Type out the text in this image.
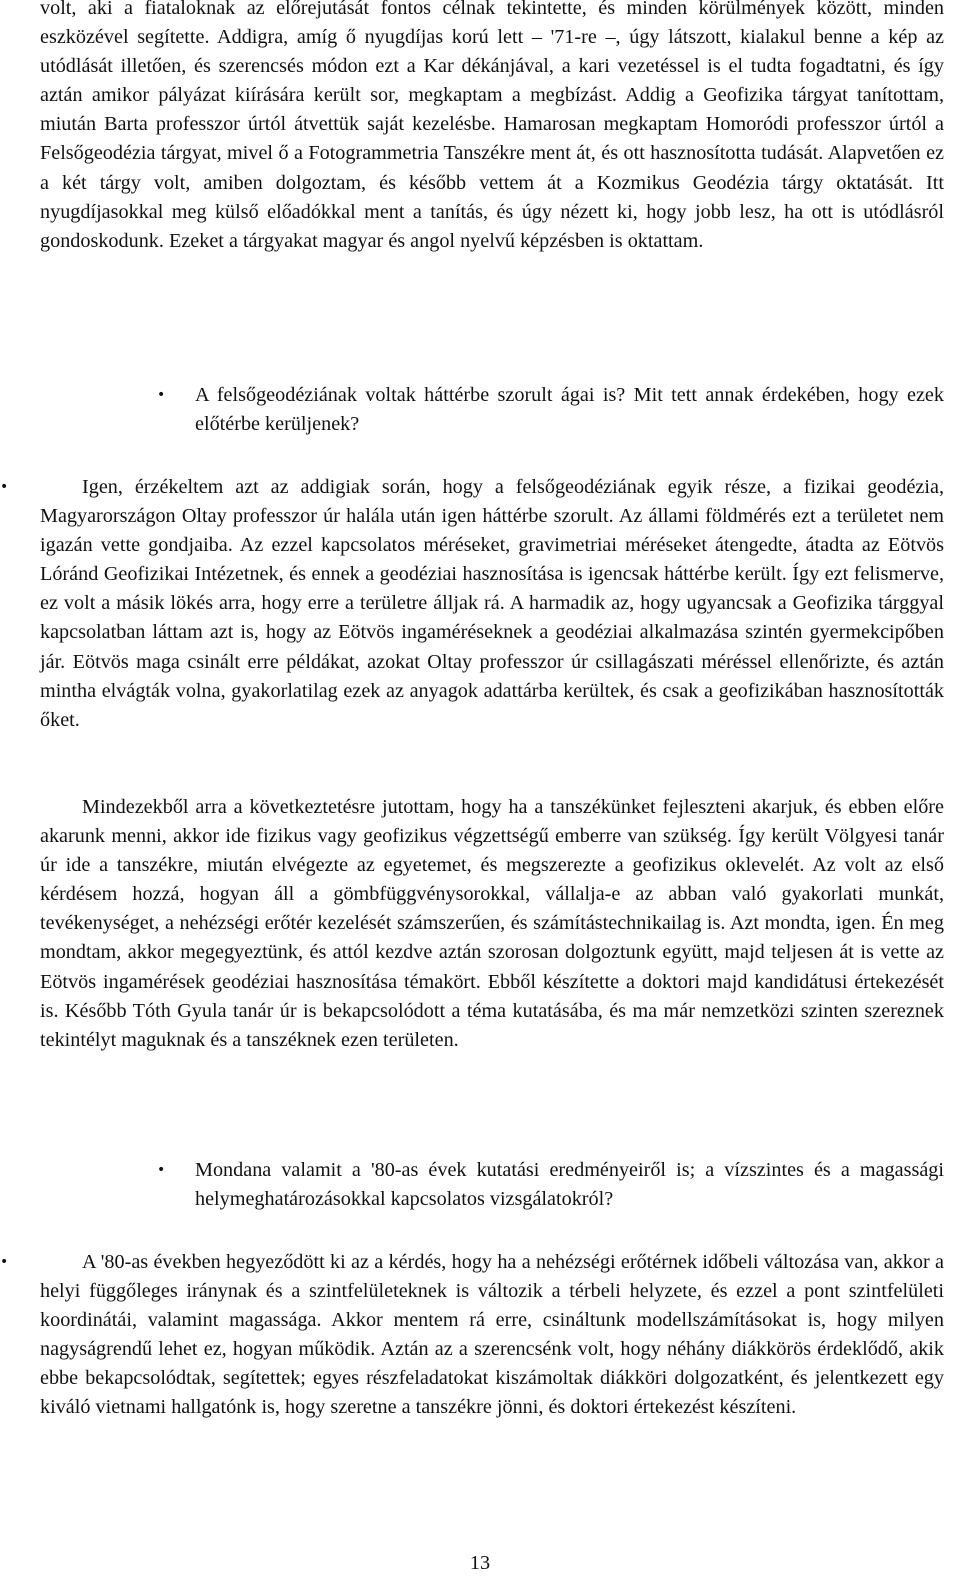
volt, aki a fiataloknak az előrejutását fontos célnak tekintette, és minden körülmények között, minden eszközével segítette. Addigra, amíg ő nyugdíjas korú lett – '71-re –, úgy látszott, kialakul benne a kép az utódlását illetően, és szerencsés módon ezt a Kar dékánjával, a kari vezetéssel is el tudta fogadtatni, és így aztán amikor pályázat kiírására került sor, megkaptam a megbízást. Addig a Geofizika tárgyat tanítottam, miután Barta professzor úrtól átvettük saját kezelésbe. Hamarosan megkaptam Homoródi professzor úrtól a Felsőgeodézia tárgyat, mivel ő a Fotogrammetria Tanszékre ment át, és ott hasznosította tudását. Alapvetően ez a két tárgy volt, amiben dolgoztam, és később vettem át a Kozmikus Geodézia tárgy oktatását. Itt nyugdíjasokkal meg külső előadókkal ment a tanítás, és úgy nézett ki, hogy jobb lesz, ha ott is utódlásról gondoskodunk. Ezeket a tárgyakat magyar és angol nyelvű képzésben is oktattam.

• A felsőgeodéziának voltak háttérbe szorult ágai is? Mit tett annak érdekében, hogy ezek előtérbe kerüljenek?
•	Igen, érzékeltem azt az addigiak során, hogy a felsőgeodéziának egyik része, a fizikai geodézia, Magyarországon Oltay professzor úr halála után igen háttérbe szorult. Az állami földmérés ezt a területet nem igazán vette gondjaiba. Az ezzel kapcsolatos méréseket, gravimetriai méréseket átengedte, átadta az Eötvös Lóránd Geofizikai Intézetnek, és ennek a geodéziai hasznosítása is igencsak háttérbe került. Így ezt felismerve, ez volt a másik lökés arra, hogy erre a területre álljak rá. A harmadik az, hogy ugyancsak a Geofizika tárggyal kapcsolatban láttam azt is, hogy az Eötvös ingaméréseknek a geodéziai alkalmazása szintén gyermekcipőben jár. Eötvös maga csinált erre példákat, azokat Oltay professzor úr csillagászati méréssel ellenőrizte, és aztán mintha elvágták volna, gyakorlatilag ezek az anyagok adattárba kerültek, és csak a geofizikában hasznosították őket.

Mindezekből arra a következtetésre jutottam, hogy ha a tanszékünket fejleszteni akarjuk, és ebben előre akarunk menni, akkor ide fizikus vagy geofizikus végzettségű emberre van szükség. Így került Völgyesi tanár úr ide a tanszékre, miután elvégezte az egyetemet, és megszerezte a geofizikus oklevelét. Az volt az első kérdésem hozzá, hogyan áll a gömbfüggvénysorokkal, vállalja-e az abban való gyakorlati munkát, tevékenységet, a nehézségi erőtér kezelését számszerűen, és számítástechnikailag is. Azt mondta, igen. Én meg mondtam, akkor megegyeztünk, és attól kezdve aztán szorosan dolgoztunk együtt, majd teljesen át is vette az Eötvös ingamérések geodéziai hasznosítása témakört. Ebből készítette a doktori majd kandidátusi értekezését is. Később Tóth Gyula tanár úr is bekapcsolódott a téma kutatásába, és ma már nemzetközi szinten szereznek tekintélyt maguknak és a tanszéknek ezen területen.

• Mondana valamit a '80-as évek kutatási eredményeiről is; a vízszintes és a magassági helymeghatározásokkal kapcsolatos vizsgálatokról?
•	A '80-as években hegyeződött ki az a kérdés, hogy ha a nehézségi erőtérnek időbeli változása van, akkor a helyi függőleges iránynak és a szintfelületeknek is változik a térbeli helyzete, és ezzel a pont szintfelületi koordinátái, valamint magassága. Akkor mentem rá erre, csináltunk modellszámításokat is, hogy milyen nagyságrendű lehet ez, hogyan működik. Aztán az a szerencsénk volt, hogy néhány diákkörös érdeklődő, akik ebbe bekapcsolódtak, segítettek; egyes részfeladatokat kiszámoltak diákköri dolgozatként, és jelentkezett egy kiváló vietnami hallgatónk is, hogy szeretne a tanszékre jönni, és doktori értekezést készíteni.
13
